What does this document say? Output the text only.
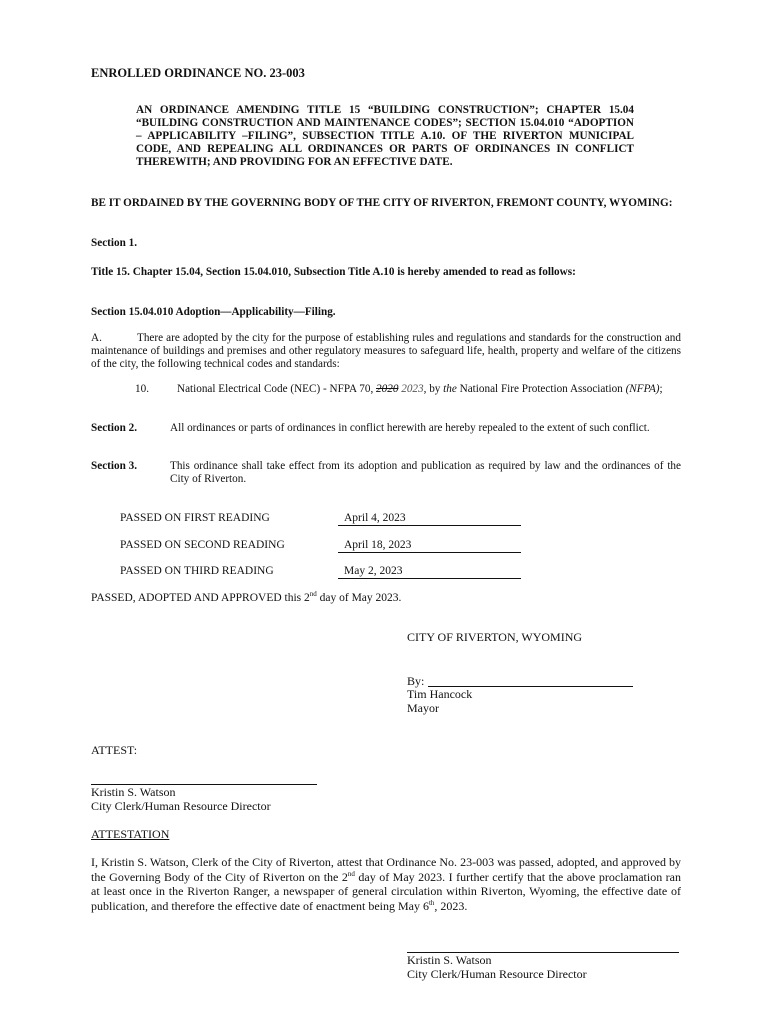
ENROLLED ORDINANCE NO. 23-003
AN ORDINANCE AMENDING TITLE 15 “BUILDING CONSTRUCTION”; CHAPTER 15.04 “BUILDING CONSTRUCTION AND MAINTENANCE CODES”; SECTION 15.04.010 “ADOPTION – APPLICABILITY –FILING”, SUBSECTION TITLE A.10. OF THE RIVERTON MUNICIPAL CODE, AND REPEALING ALL ORDINANCES OR PARTS OF ORDINANCES IN CONFLICT THEREWITH; AND PROVIDING FOR AN EFFECTIVE DATE.
BE IT ORDAINED BY THE GOVERNING BODY OF THE CITY OF RIVERTON, FREMONT COUNTY, WYOMING:
Section 1.
Title 15. Chapter 15.04, Section 15.04.010, Subsection Title A.10 is hereby amended to read as follows:
Section 15.04.010 Adoption—Applicability—Filing.
A.	There are adopted by the city for the purpose of establishing rules and regulations and standards for the construction and maintenance of buildings and premises and other regulatory measures to safeguard life, health, property and welfare of the citizens of the city, the following technical codes and standards:
10.	National Electrical Code (NEC) - NFPA 70, 2020 2023, by the National Fire Protection Association (NFPA);
Section 2.	All ordinances or parts of ordinances in conflict herewith are hereby repealed to the extent of such conflict.
Section 3.	This ordinance shall take effect from its adoption and publication as required by law and the ordinances of the City of Riverton.
PASSED ON FIRST READING	April 4, 2023
PASSED ON SECOND READING	April 18, 2023
PASSED ON THIRD READING	May 2, 2023
PASSED, ADOPTED AND APPROVED this 2nd day of May 2023.
CITY OF RIVERTON, WYOMING
By:
Tim Hancock
Mayor
ATTEST:
Kristin S. Watson
City Clerk/Human Resource Director
ATTESTATION
I, Kristin S. Watson, Clerk of the City of Riverton, attest that Ordinance No. 23-003 was passed, adopted, and approved by the Governing Body of the City of Riverton on the 2nd day of May 2023. I further certify that the above proclamation ran at least once in the Riverton Ranger, a newspaper of general circulation within Riverton, Wyoming, the effective date of publication, and therefore the effective date of enactment being May 6th, 2023.
Kristin S. Watson
City Clerk/Human Resource Director
